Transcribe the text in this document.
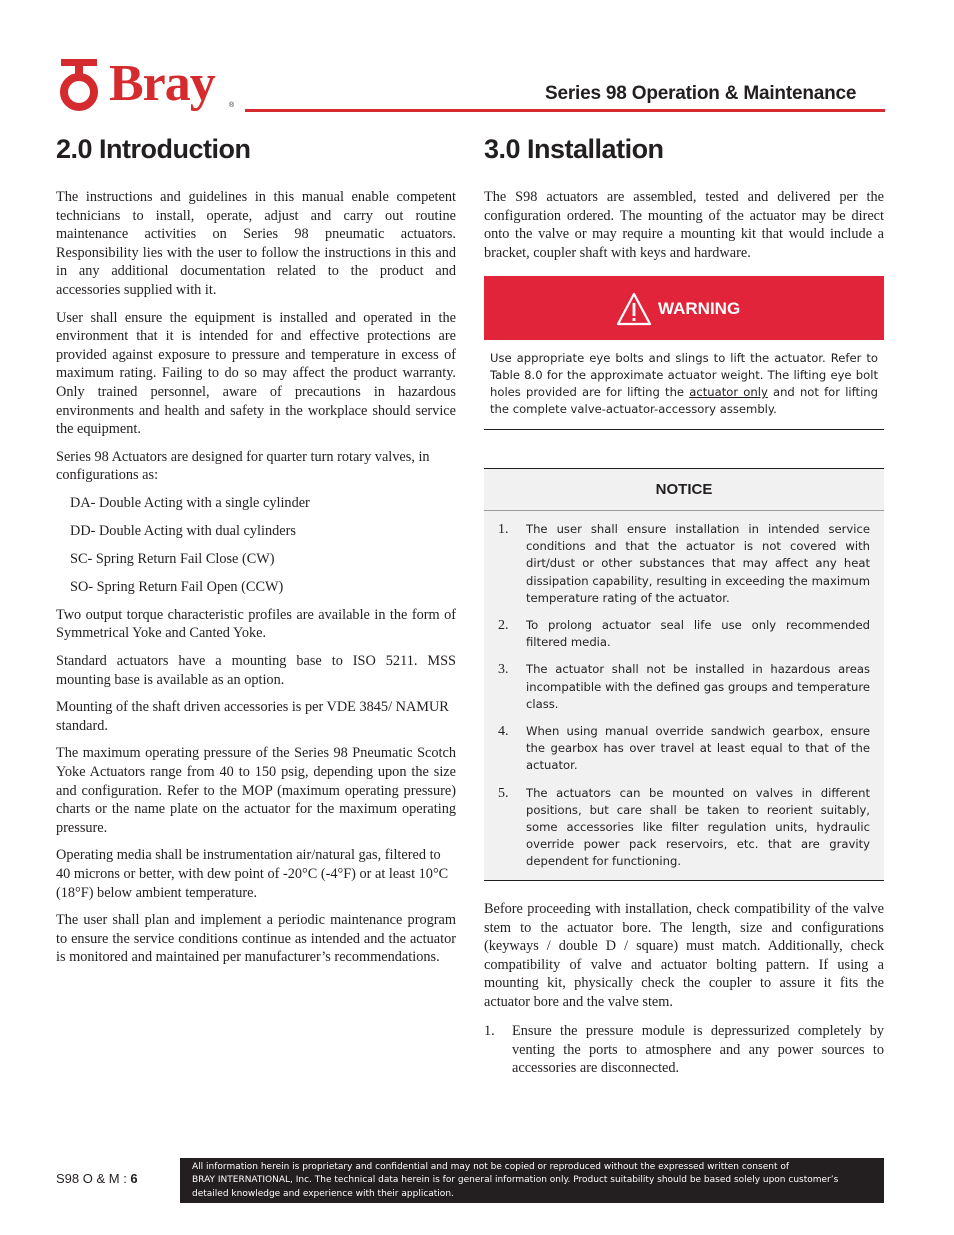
Bray ®
Series 98 Operation & Maintenance
2.0 Introduction	3.0 Installation

The instructions and guidelines in this manual enable competent technicians to install, operate, adjust and carry out routine maintenance activities on Series 98 pneumatic actuators. Responsibility lies with the user to follow the instructions in this and in any additional documentation related to the product and accessories supplied with it.

User shall ensure the equipment is installed and operated in the environment that it is intended for and effective protections are provided against exposure to pressure and temperature in excess of maximum rating. Failing to do so may affect the product warranty. Only trained personnel, aware of precautions in hazardous environments and health and safety in the workplace should service the equipment.

Series 98 Actuators are designed for quarter turn rotary valves, in configurations as:

DA- Double Acting with a single cylinder

DD- Double Acting with dual cylinders

SC- Spring Return Fail Close (CW)

SO- Spring Return Fail Open (CCW)

Two output torque characteristic profiles are available in the form of Symmetrical Yoke and Canted Yoke.

Standard actuators have a mounting base to ISO 5211. MSS mounting base is available as an option.

Mounting of the shaft driven accessories is per VDE 3845/ NAMUR standard.

The maximum operating pressure of the Series 98 Pneumatic Scotch Yoke Actuators range from 40 to 150 psig, depending upon the size and configuration. Refer to the MOP (maximum operating pressure) charts or the name plate on the actuator for the maximum operating pressure.

Operating media shall be instrumentation air/natural gas, filtered to 40 microns or better, with dew point of -20°C (-4°F) or at least 10°C (18°F) below ambient temperature.

The user shall plan and implement a periodic maintenance program to ensure the service conditions continue as intended and the actuator is monitored and maintained per manufacturer’s recommendations.

The S98 actuators are assembled, tested and delivered per the configuration ordered. The mounting of the actuator may be direct onto the valve or may require a mounting kit that would include a bracket, coupler shaft with keys and hardware.

WARNING
Use appropriate eye bolts and slings to lift the actuator. Refer to Table 8.0 for the approximate actuator weight. The lifting eye bolt holes provided are for lifting the actuator only and not for lifting the complete valve-actuator-accessory assembly.
NOTICE
1.	The user shall ensure installation in intended service conditions and that the actuator is not covered with dirt/dust or other substances that may affect any heat dissipation capability, resulting in exceeding the maximum temperature rating of the actuator.
2.	To prolong actuator seal life use only recommended filtered media.
3.	The actuator shall not be installed in hazardous areas incompatible with the defined gas groups and temperature class.
4.	When using manual override sandwich gearbox, ensure the gearbox has over travel at least equal to that of the actuator.
5.	The actuators can be mounted on valves in different positions, but care shall be taken to reorient suitably, some accessories like filter regulation units, hydraulic override power pack reservoirs, etc. that are gravity dependent for functioning.

Before proceeding with installation, check compatibility of the valve stem to the actuator bore. The length, size and configurations (keyways / double D / square) must match. Additionally, check compatibility of valve and actuator bolting pattern. If using a mounting kit, physically check the coupler to assure it fits the actuator bore and the valve stem.

1.	Ensure the pressure module is depressurized completely by venting the ports to atmosphere and any power sources to accessories are disconnected.
S98 O & M : 6
All information herein is proprietary and confidential and may not be copied or reproduced without the expressed written consent of
BRAY INTERNATIONAL, Inc. The technical data herein is for general information only. Product suitability should be based solely upon customer’s
detailed knowledge and experience with their application.
